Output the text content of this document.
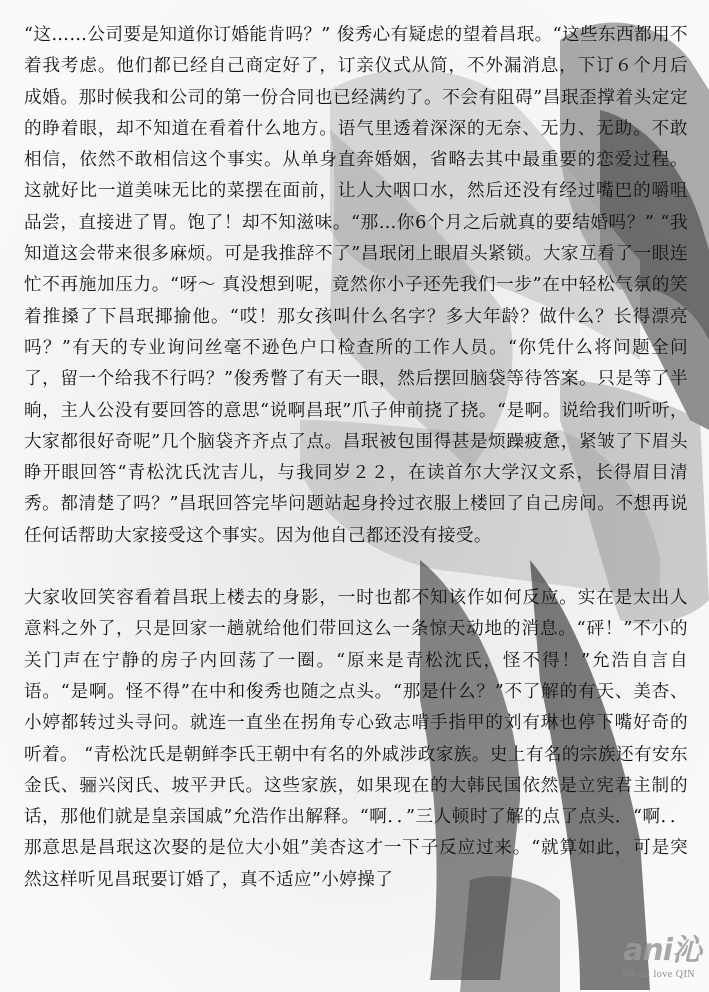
“这……公司要是知道你订婚能肯吗？” 俊秀心有疑虑的望着昌珉。“这些东西都用不着我考虑。他们都已经自己商定好了，订亲仪式从简，不外漏消息，下订６个月后成婚。那时候我和公司的第一份合同也已经满约了。不会有阻碍”昌珉歪撑着头定定的睁着眼，却不知道在看着什么地方。语气里透着深深的无奈、无力、无助。不敢相信，依然不敢相信这个事实。从单身直奔婚姻，省略去其中最重要的恋爱过程。这就好比一道美味无比的菜摆在面前，让人大咽口水，然后还没有经过嘴巴的嚼咀品尝，直接进了胃。饱了！却不知滋味。“那…你6个月之后就真的要结婚吗？” “我知道这会带来很多麻烦。可是我推辞不了”昌珉闭上眼眉头紧锁。大家互看了一眼连忙不再施加压力。“呀～ 真没想到呢，竟然你小子还先我们一步”在中轻松气氛的笑着推搡了下昌珉揶揄他。“哎！那女孩叫什么名字？多大年龄？做什么？长得漂亮吗？”有天的专业询问丝毫不逊色户口检查所的工作人员。“你凭什么将问题全问了，留一个给我不行吗？”俊秀瞥了有天一眼，然后摆回脑袋等待答案。只是等了半晌，主人公没有要回答的意思“说啊昌珉”爪子伸前挠了挠。“是啊。说给我们听听，大家都很好奇呢”几个脑袋齐齐点了点。昌珉被包围得甚是烦躁疲惫，紧皱了下眉头睁开眼回答“青松沈氏沈吉儿，与我同岁２２，在读首尔大学汉文系，长得眉目清秀。都清楚了吗？”昌珉回答完毕问题站起身拎过衣服上楼回了自己房间。不想再说任何话帮助大家接受这个事实。因为他自己都还没有接受。

大家收回笑容看着昌珉上楼去的身影，一时也都不知该作如何反应。实在是太出人意料之外了，只是回家一趟就给他们带回这么一条惊天动地的消息。“砰！”不小的关门声在宁静的房子内回荡了一圈。“原来是青松沈氏，怪不得！”允浩自言自语。“是啊。怪不得”在中和俊秀也随之点头。“那是什么？”不了解的有天、美杏、小婷都转过头寻问。就连一直坐在拐角专心致志啃手指甲的刘有琳也停下嘴好奇的听着。 “青松沈氏是朝鲜李氏王朝中有名的外戚涉政家族。史上有名的宗族还有安东金氏、骊兴闵氏、坡平尹氏。这些家族，如果现在的大韩民国依然是立宪君主制的话，那他们就是皇亲国戚”允浩作出解释。“啊．．”三人顿时了解的点了点头．“啊．．那意思是昌珉这次娶的是位大小姐”美杏这才一下子反应过来。“就算如此，可是突然这样听见昌珉要订婚了，真不适应”小婷操了

ani沁
We all love QIN
